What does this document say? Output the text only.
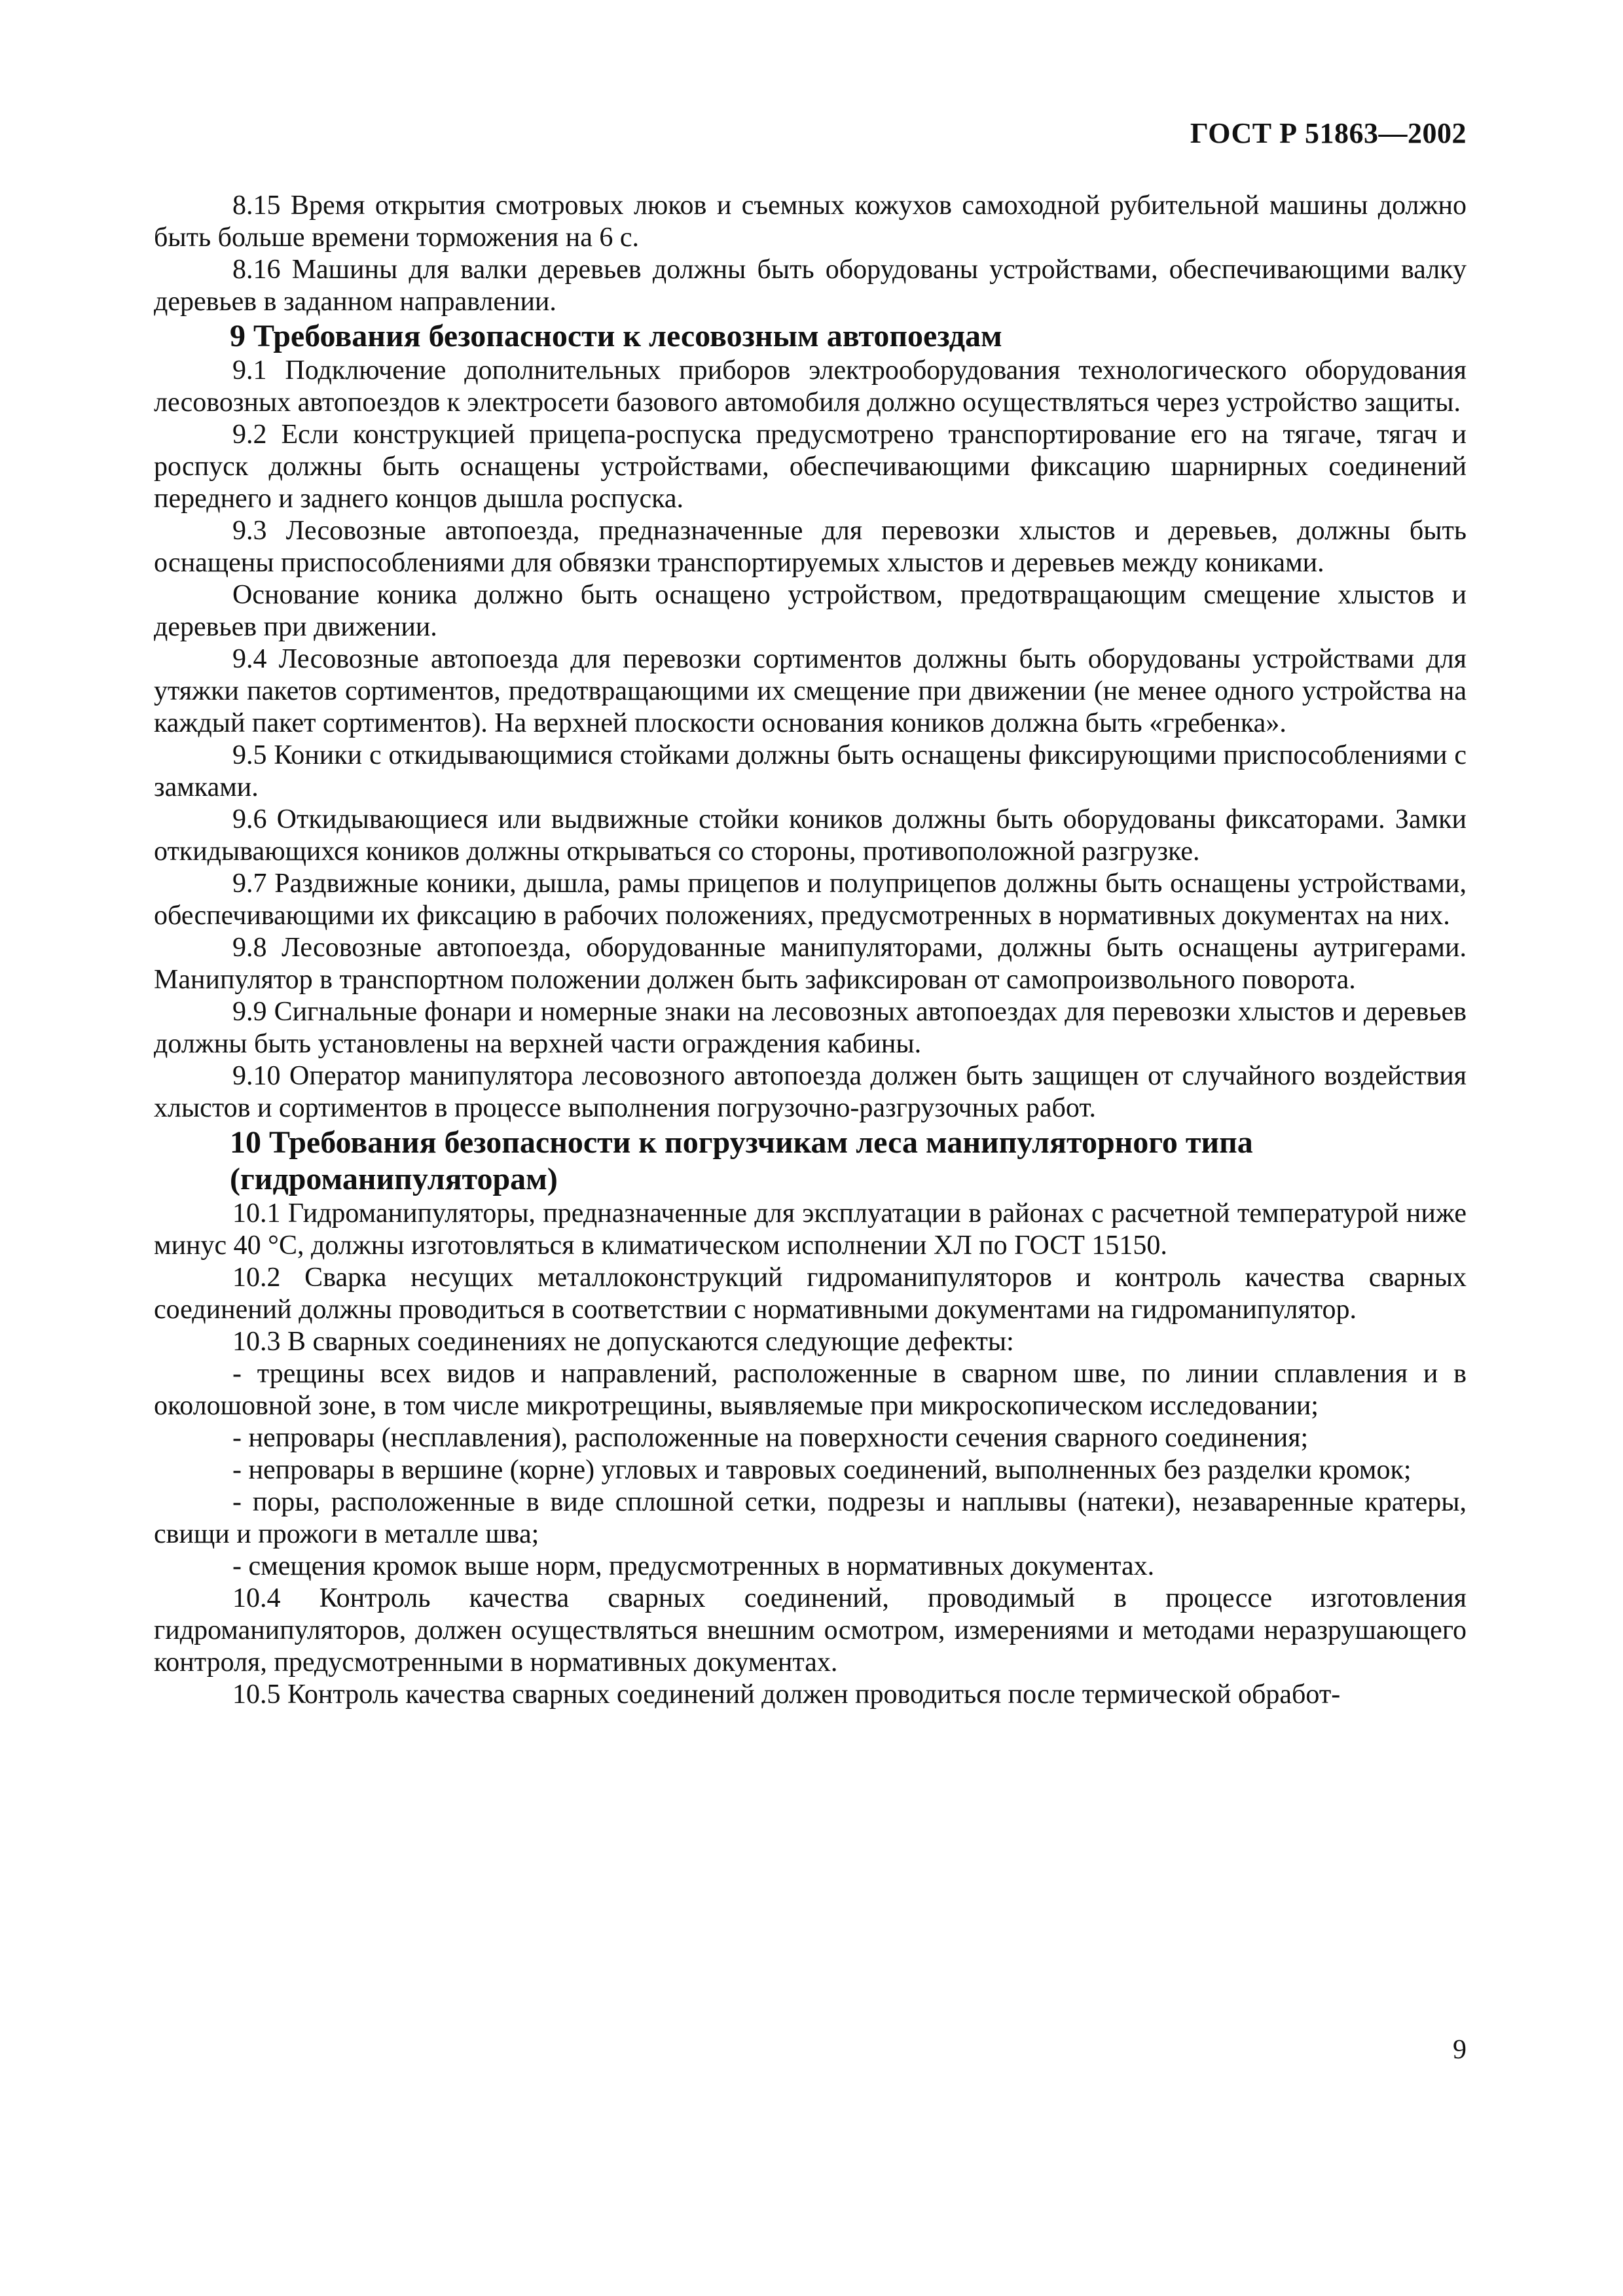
ГОСТ Р 51863—2002

8.15 Время открытия смотровых люков и съемных кожухов самоходной рубительной машины должно быть больше времени торможения на 6 с.

8.16 Машины для валки деревьев должны быть оборудованы устройствами, обеспечивающими валку деревьев в заданном направлении.

9 Требования безопасности к лесовозным автопоездам

9.1 Подключение дополнительных приборов электрооборудования технологического оборудования лесовозных автопоездов к электросети базового автомобиля должно осуществляться через устройство защиты.

9.2 Если конструкцией прицепа-роспуска предусмотрено транспортирование его на тягаче, тягач и роспуск должны быть оснащены устройствами, обеспечивающими фиксацию шарнирных соединений переднего и заднего концов дышла роспуска.

9.3 Лесовозные автопоезда, предназначенные для перевозки хлыстов и деревьев, должны быть оснащены приспособлениями для обвязки транспортируемых хлыстов и деревьев между кониками.

Основание коника должно быть оснащено устройством, предотвращающим смещение хлыстов и деревьев при движении.

9.4 Лесовозные автопоезда для перевозки сортиментов должны быть оборудованы устройствами для утяжки пакетов сортиментов, предотвращающими их смещение при движении (не менее одного устройства на каждый пакет сортиментов). На верхней плоскости основания коников должна быть «гребенка».

9.5 Коники с откидывающимися стойками должны быть оснащены фиксирующими приспособлениями с замками.

9.6 Откидывающиеся или выдвижные стойки коников должны быть оборудованы фиксаторами. Замки откидывающихся коников должны открываться со стороны, противоположной разгрузке.

9.7 Раздвижные коники, дышла, рамы прицепов и полуприцепов должны быть оснащены устройствами, обеспечивающими их фиксацию в рабочих положениях, предусмотренных в нормативных документах на них.

9.8 Лесовозные автопоезда, оборудованные манипуляторами, должны быть оснащены аутригерами. Манипулятор в транспортном положении должен быть зафиксирован от самопроизвольного поворота.

9.9 Сигнальные фонари и номерные знаки на лесовозных автопоездах для перевозки хлыстов и деревьев должны быть установлены на верхней части ограждения кабины.

9.10 Оператор манипулятора лесовозного автопоезда должен быть защищен от случайного воздействия хлыстов и сортиментов в процессе выполнения погрузочно-разгрузочных работ.

10 Требования безопасности к погрузчикам леса манипуляторного типа (гидроманипуляторам)

10.1 Гидроманипуляторы, предназначенные для эксплуатации в районах с расчетной температурой ниже минус 40 °С, должны изготовляться в климатическом исполнении ХЛ по ГОСТ 15150.

10.2 Сварка несущих металлоконструкций гидроманипуляторов и контроль качества сварных соединений должны проводиться в соответствии с нормативными документами на гидроманипулятор.

10.3 В сварных соединениях не допускаются следующие дефекты:

- трещины всех видов и направлений, расположенные в сварном шве, по линии сплавления и в околошовной зоне, в том числе микротрещины, выявляемые при микроскопическом исследовании;

- непровары (несплавления), расположенные на поверхности сечения сварного соединения;

- непровары в вершине (корне) угловых и тавровых соединений, выполненных без разделки кромок;

- поры, расположенные в виде сплошной сетки, подрезы и наплывы (натеки), незаваренные кратеры, свищи и прожоги в металле шва;

- смещения кромок выше норм, предусмотренных в нормативных документах.

10.4 Контроль качества сварных соединений, проводимый в процессе изготовления гидроманипуляторов, должен осуществляться внешним осмотром, измерениями и методами неразрушающего контроля, предусмотренными в нормативных документах.

10.5 Контроль качества сварных соединений должен проводиться после термической обработ-

9
